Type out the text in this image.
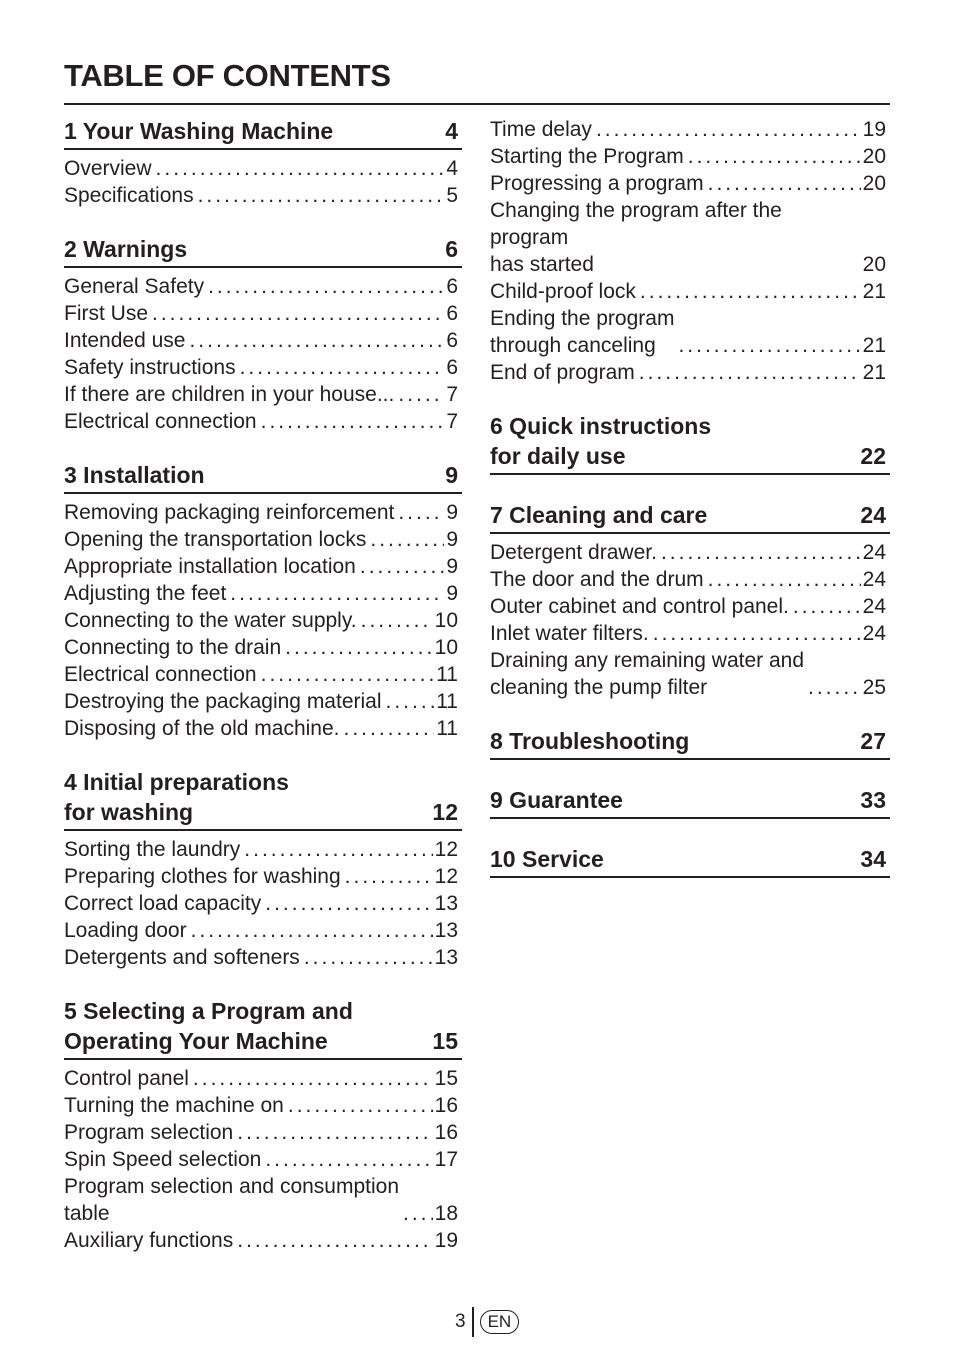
TABLE OF CONTENTS
1 Your Washing Machine	4
Overview .....	4
Specifications .....	5
2 Warnings	6
General Safety .....	6
First Use .....	6
Intended use .....	6
Safety instructions .....	6
If there are children in your house... ..... 7
Electrical connection .....	7
3 Installation	9
Removing packaging reinforcement ..... 9
Opening the transportation locks .....	9
Appropriate installation location .....	9
Adjusting the feet .....	9
Connecting to the water supply. .....	10
Connecting to the drain .....	10
Electrical connection .....	11
Destroying the packaging material .....	11
Disposing of the old machine. .....	11
4 Initial preparations
for washing	12
Sorting the laundry .....	12
Preparing clothes for washing .....	12
Correct load capacity .....	13
Loading door .....	13
Detergents and softeners .....	13
5 Selecting a Program and
Operating Your Machine	15
Control panel .....	15
Turning the machine on .....	16
Program selection .....	16
Spin Speed selection .....	17
Program selection and consumption
table .....	18
Auxiliary functions .....	19
Time delay .....	19
Starting the Program .....	20
Progressing a program .....	20
Changing the program after the program
has started	20
Child-proof lock .....	21
Ending the program
through canceling .....	21
End of program .....	21
6 Quick instructions
for daily use	22
7 Cleaning and care	24
Detergent drawer. .....	24
The door and the drum .....	24
Outer cabinet and control panel. .....	24
Inlet water filters. .....	24
Draining any remaining water and
cleaning the pump filter .....	25
8 Troubleshooting	27
9 Guarantee	33
10 Service	34
3	EN
